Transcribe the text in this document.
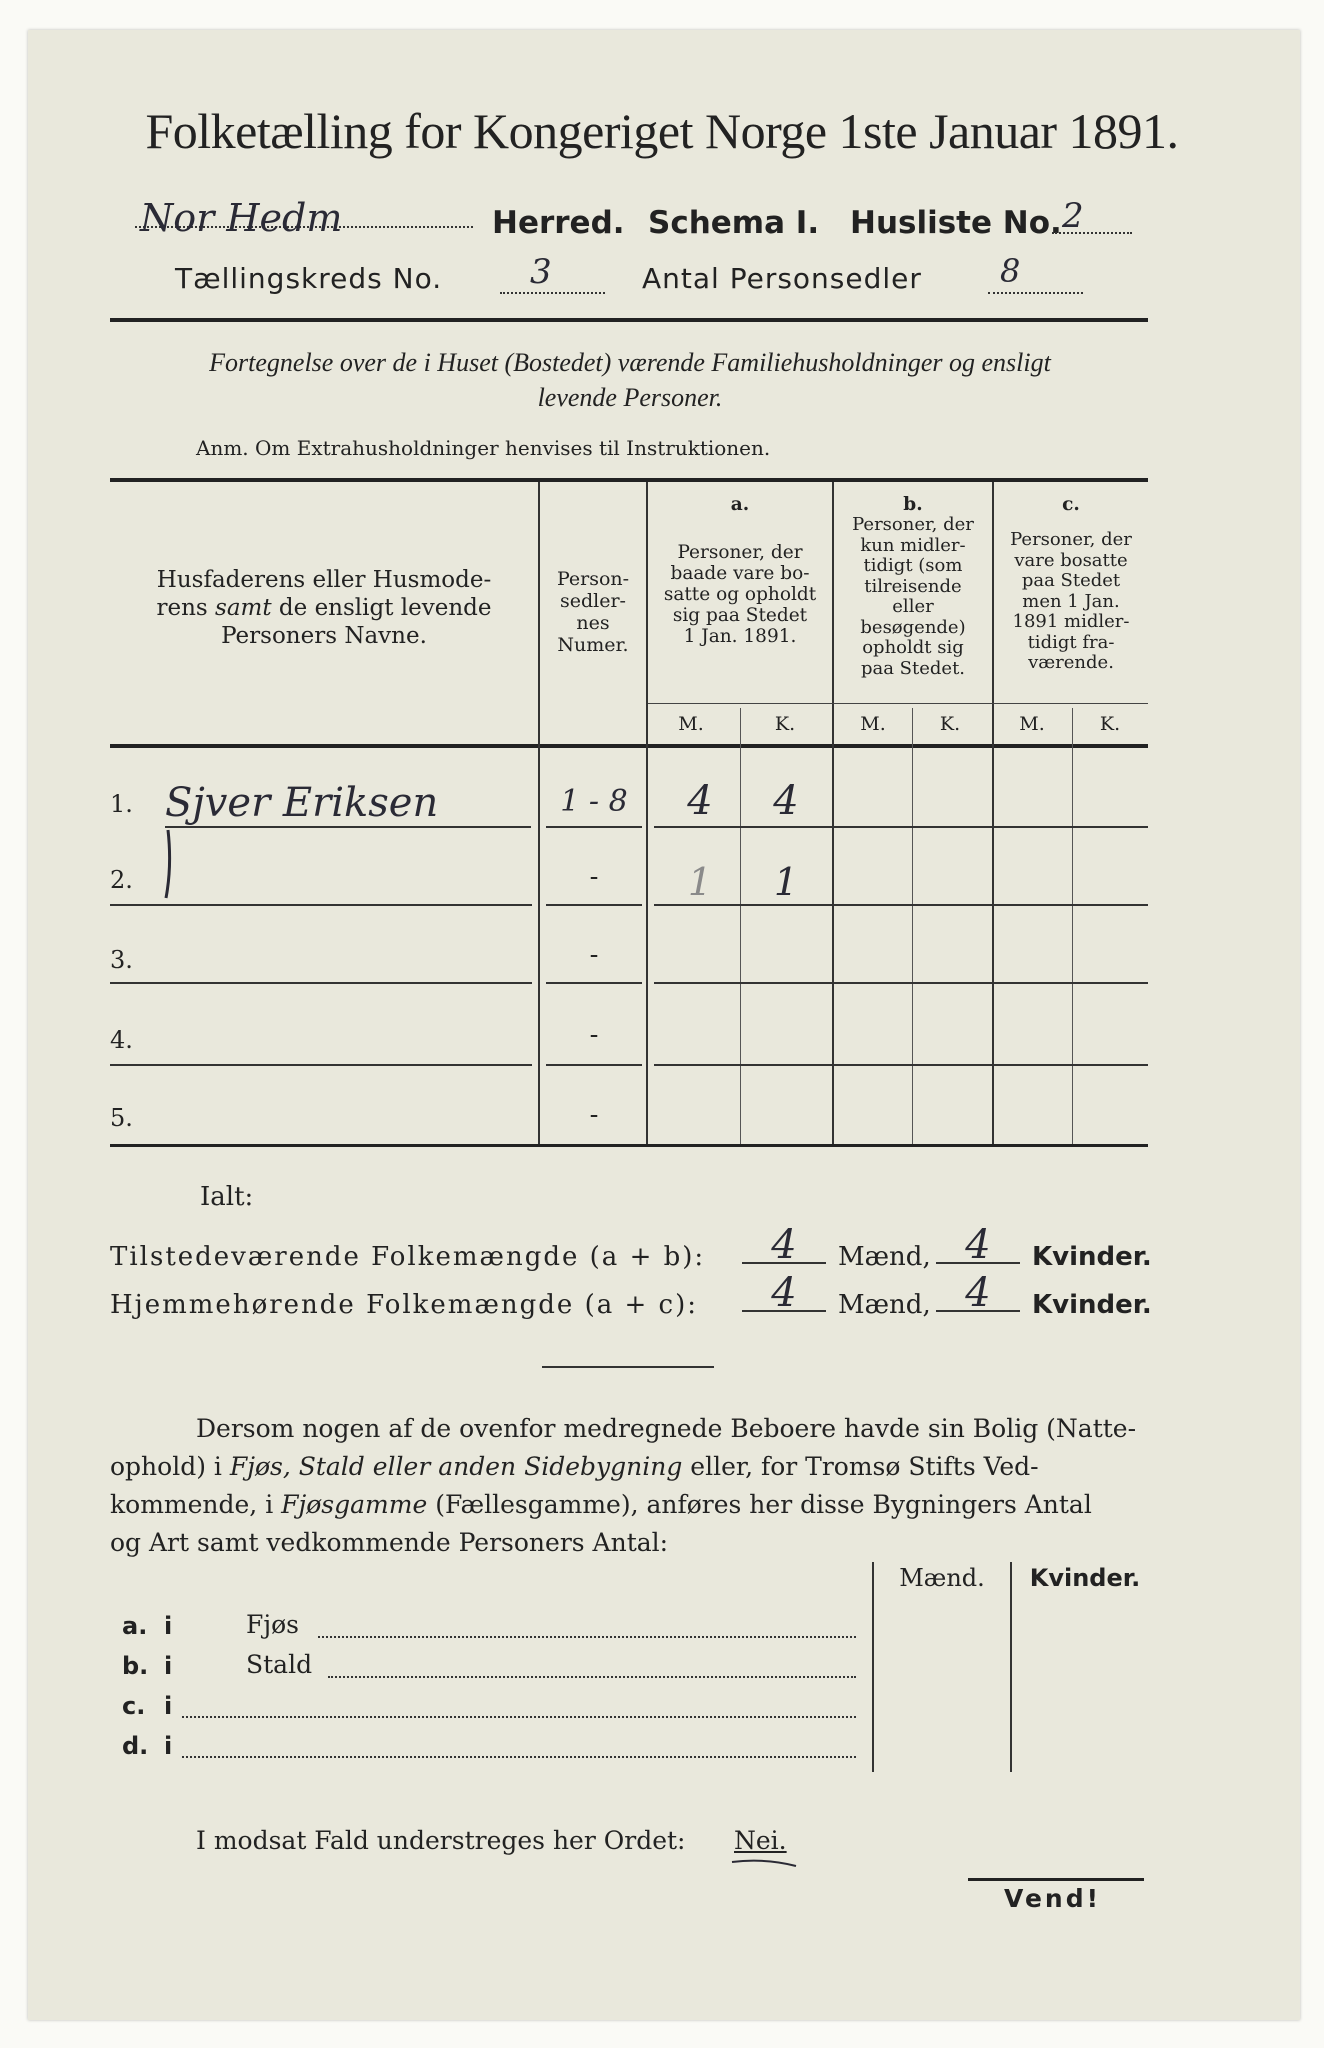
Folketælling for Kongeriget Norge 1ste Januar 1891.
Nor Hedm	Herred. Schema I. Husliste No. 2
Tællingskreds No.	3	Antal Personsedler 8
Fortegnelse over de i Huset (Bostedet) værende Familiehusholdninger og ensligt
levende Personer.
Anm. Om Extrahusholdninger henvises til Instruktionen.
Husfaderens eller Husmode-
rens samt de ensligt levende
Personers Navne.
Person-
sedler-
nes
Numer.
a.
Personer, der
baade vare bo-
satte og opholdt
sig paa Stedet
1 Jan. 1891.
b.
Personer, der
kun midler-
tidigt (som
tilreisende
eller
besøgende)
opholdt sig
paa Stedet.
c.
Personer, der
vare bosatte
paa Stedet
men 1 Jan.
1891 midler-
tidigt fra-
værende.
M.	K.	M.	K.	M.	K.
1. Sjver Eriksen	1 - 8	4	4
2.	-	1	1
3.	-
4.	-
5.	-
Ialt:
Tilstedeværende Folkemængde (a + b):	4	Mænd, 4	Kvinder.
Hjemmehørende Folkemængde (a + c):	4	Mænd, 4	Kvinder.
Dersom nogen af de ovenfor medregnede Beboere havde sin Bolig (Natte-
ophold) i Fjøs, Stald eller anden Sidebygning eller, for Tromsø Stifts Ved-
kommende, i Fjøsgamme (Fællesgamme), anføres her disse Bygningers Antal
og Art samt vedkommende Personers Antal:
Mænd.	Kvinder.
a. i	Fjøs
b. i	Stald
c. i
d. i
I modsat Fald understreges her Ordet: Nei.
Vend!
